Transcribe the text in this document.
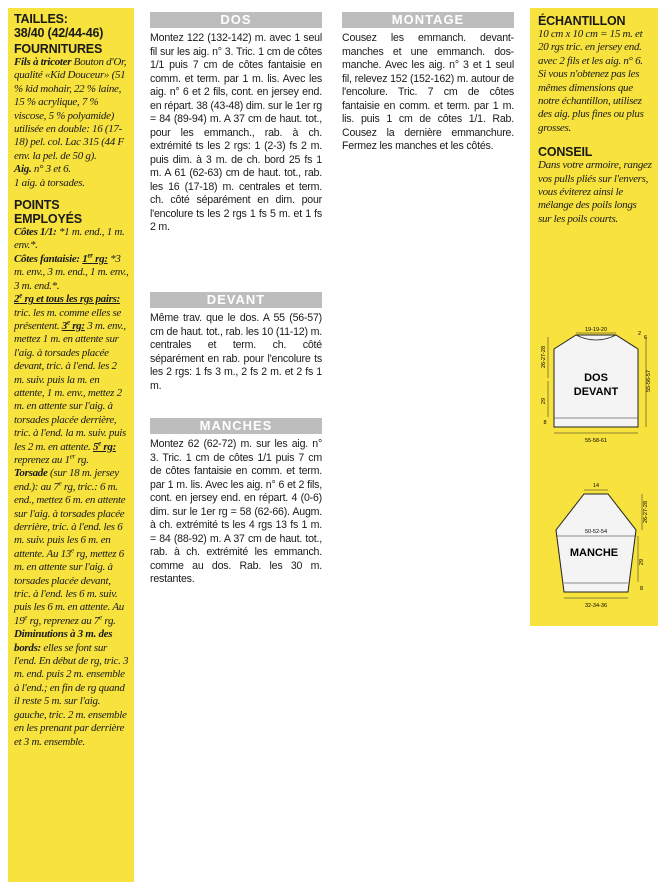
TAILLES:

38/40 (42/44-46)

FOURNITURES

Fils à tricoter Bouton d'Or, qualité «Kid Douceur» (51 % kid mohair, 22 % laine, 15 % acrylique, 7 % viscose, 5 % polyamide) utilisée en double: 16 (17-18) pel. col. Lac 315 (44 F env. la pel. de 50 g).
Aig. n° 3 et 6.
1 aig. à torsades.

POINTS EMPLOYÉS

Côtes 1/1: *1 m. end., 1 m. env.*.
Côtes fantaisie: 1er rg: *3 m. env., 3 m. end., 1 m. env., 3 m. end.*.
2e rg et tous les rgs pairs: tric. les m. comme elles se présentent. 3e rg: 3 m. env., mettez 1 m. en attente sur l'aig. à torsades placée devant, tric. à l'end. les 2 m. suiv. puis la m. en attente, 1 m. env., mettez 2 m. en attente sur l'aig. à torsades placée derrière, tric. à l'end. la m. suiv. puis les 2 m. en attente. 5e rg: reprenez au 1er rg.
Torsade (sur 18 m. jersey end.): au 7e rg, tric.: 6 m. end., mettez 6 m. en attente sur l'aig. à torsades placée derrière, tric. à l'end. les 6 m. suiv. puis les 6 m. en attente. Au 13e rg, mettez 6 m. en attente sur l'aig. à torsades placée devant, tric. à l'end. les 6 m. suiv. puis les 6 m. en attente. Au 19e rg, reprenez au 7e rg.
Diminutions à 3 m. des bords: elles se font sur l'end. En début de rg, tric. 3 m. end. puis 2 m. ensemble à l'end.; en fin de rg quand il reste 5 m. sur l'aig. gauche, tric. 2 m. ensemble en les prenant par derrière et 3 m. ensemble.
DOS
Montez 122 (132-142) m. avec 1 seul fil sur les aig. n° 3. Tric. 1 cm de côtes 1/1 puis 7 cm de côtes fantaisie en comm. et term. par 1 m. lis. Avec les aig. n° 6 et 2 fils, cont. en jersey end. en répart. 38 (43-48) dim. sur le 1er rg = 84 (89-94) m. A 37 cm de haut. tot., pour les emmanch., rab. à ch. extrémité ts les 2 rgs: 1 (2-3) fs 2 m. puis dim. à 3 m. de ch. bord 25 fs 1 m. A 61 (62-63) cm de haut. tot., rab. les 16 (17-18) m. centrales et term. ch. côté séparément en dim. pour l'encolure ts les 2 rgs 1 fs 5 m. et 1 fs 2 m.
DEVANT
Même trav. que le dos. A 55 (56-57) cm de haut. tot., rab. les 10 (11-12) m. centrales et term. ch. côté séparément en rab. pour l'encolure ts les 2 rgs: 1 fs 3 m., 2 fs 2 m. et 2 fs 1 m.
MANCHES
Montez 62 (62-72) m. sur les aig. n° 3. Tric. 1 cm de côtes 1/1 puis 7 cm de côtes fantaisie en comm. et term. par 1 m. lis. Avec les aig. n° 6 et 2 fils, cont. en jersey end. en répart. 4 (0-6) dim. sur le 1er rg = 58 (62-66). Augm. à ch. extrémité ts les 4 rgs 13 fs 1 m. = 84 (88-92) m. A 37 cm de haut. tot., rab. à ch. extrémité les emmanch. comme au dos. Rab. les 30 m. restantes.
MONTAGE
Cousez les emmanch. devant-manches et une emmanch. dos-manche. Avec les aig. n° 3 et 1 seul fil, relevez 152 (152-162) m. autour de l'encolure. Tric. 7 cm de côtes fantaisie en comm. et term. par 1 m. lis. puis 1 cm de côtes 1/1. Rab. Cousez la dernière emmanchure. Fermez les manches et les côtés.

ÉCHANTILLON

10 cm x 10 cm = 15 m. et 20 rgs tric. en jersey end. avec 2 fils et les aig. n° 6. Si vous n'obtenez pas les mêmes dimensions que notre échantillon, utilisez des aig. plus fines ou plus grosses.

CONSEIL

Dans votre armoire, rangez vos pulls pliés sur l'envers, vous éviterez ainsi le mélange des poils longs sur les poils courts.
DOS
DEVANT
19-19-20
6
2
26-27-28
29
8
55-56-57
55-58-61
MANCHE
14
26-27-28
50-52-54
29
8
32-34-36
